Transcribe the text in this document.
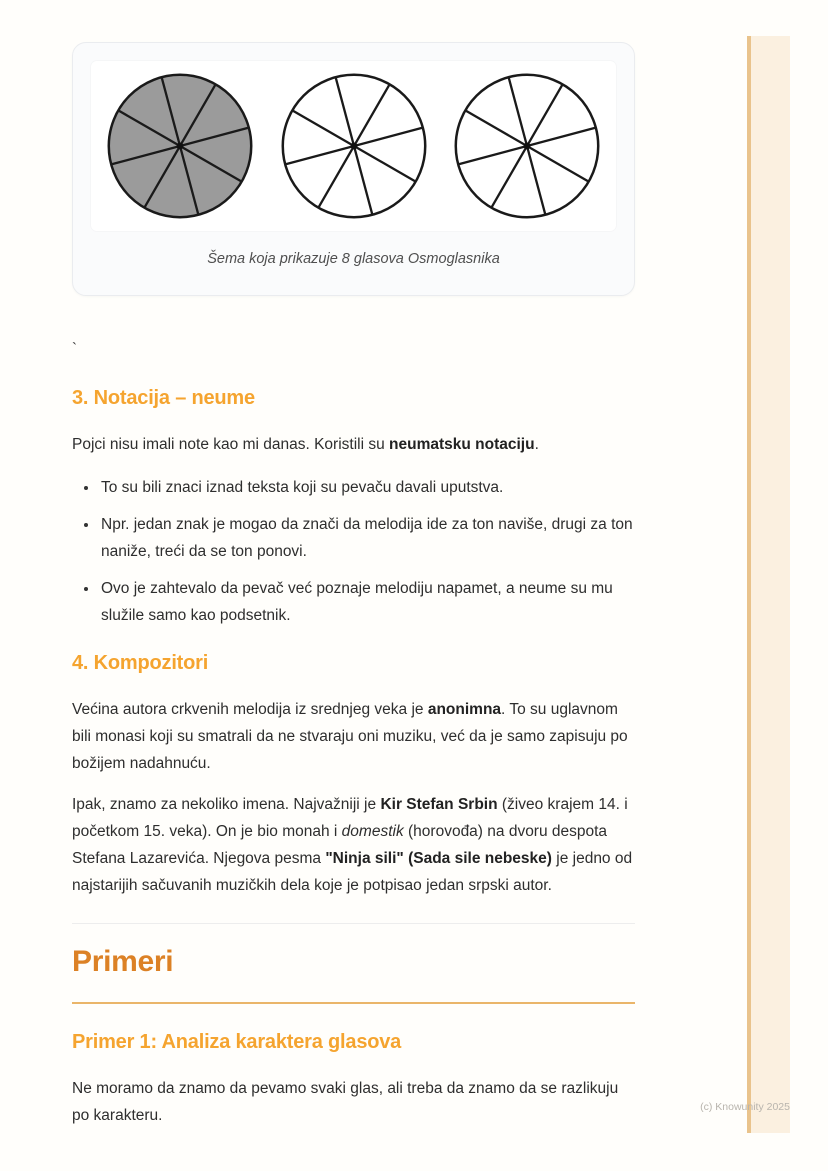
Šema koja prikazuje 8 glasova Osmoglasnika
`
3. Notacija – neume

Pojci nisu imali note kao mi danas. Koristili su neumatsku notaciju.

• To su bili znaci iznad teksta koji su pevaču davali uputstva.
• Npr. jedan znak je mogao da znači da melodija ide za ton naviše, drugi za ton naniže, treći da se ton ponovi.
• Ovo je zahtevalo da pevač već poznaje melodiju napamet, a neume su mu služile samo kao podsetnik.
4. Kompozitori

Većina autora crkvenih melodija iz srednjeg veka je anonimna. To su uglavnom bili monasi koji su smatrali da ne stvaraju oni muziku, već da je samo zapisuju po božijem nadahnuću.

Ipak, znamo za nekoliko imena. Najvažniji je Kir Stefan Srbin (živeo krajem 14. i početkom 15. veka). On je bio monah i domestik (horovođa) na dvoru despota Stefana Lazarevića. Njegova pesma "Ninja sili" (Sada sile nebeske) je jedno od najstarijih sačuvanih muzičkih dela koje je potpisao jedan srpski autor.

Primeri
Primer 1: Analiza karaktera glasova

Ne moramo da znamo da pevamo svaki glas, ali treba da znamo da se razlikuju po karakteru.	(c) Knowunity 2025
